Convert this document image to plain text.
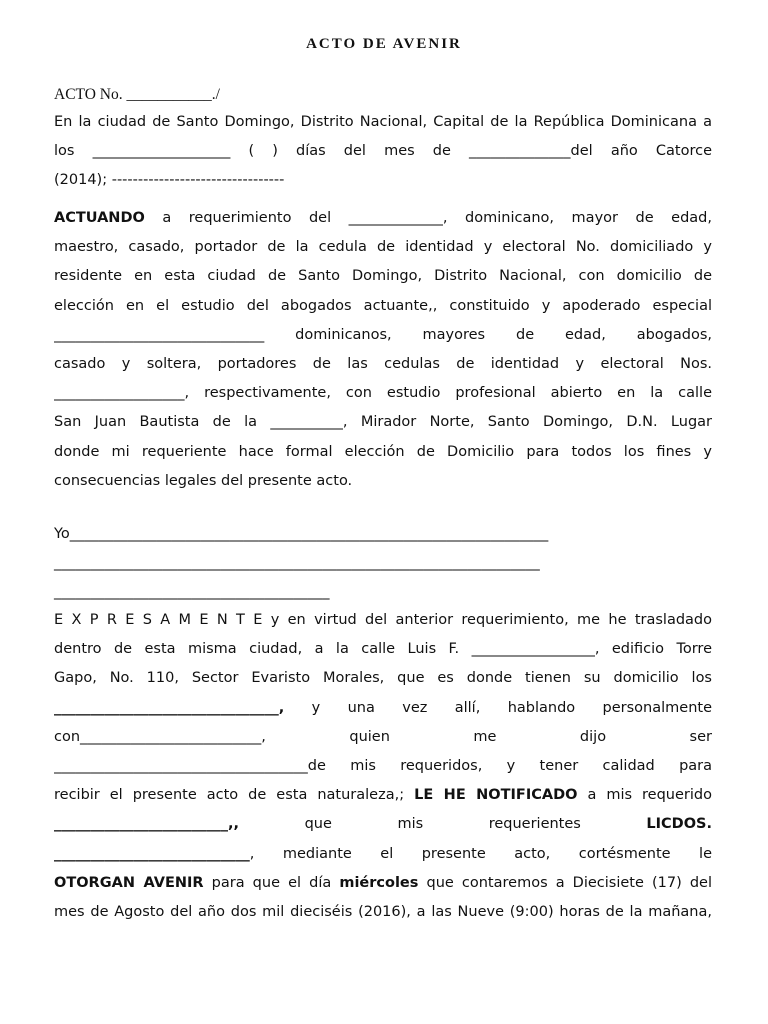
ACTO DE AVENIR
ACTO No. ___________./
En la ciudad de Santo Domingo, Distrito Nacional, Capital de la República Dominicana a
los ___________________ ( ) días del mes de ______________del año Catorce
(2014); ---------------------------------
ACTUANDO a requerimiento del _____________, dominicano, mayor de edad,
maestro, casado, portador de la cedula de identidad y electoral No. domiciliado y
residente en esta ciudad de Santo Domingo, Distrito Nacional, con domicilio de
elección en el estudio del abogados actuante,, constituido y apoderado especial
_____________________________ dominicanos, mayores de edad, abogados,
casado y soltera, portadores de las cedulas de identidad y electoral Nos.
__________________, respectivamente, con estudio profesional abierto en la calle
San Juan Bautista de la __________, Mirador Norte, Santo Domingo, D.N. Lugar
donde mi requeriente hace formal elección de Domicilio para todos los fines y
consecuencias legales del presente acto.
Yo__________________________________________________________________
___________________________________________________________________
______________________________________
E X P R E S A M E N T E y en virtud del anterior requerimiento, me he trasladado
dentro de esta misma ciudad, a la calle Luis F. _________________, edificio Torre
Gapo, No. 110, Sector Evaristo Morales, que es donde tienen su domicilio los
_______________________________, y una vez allí, hablando personalmente
con_________________________, quien me dijo ser
___________________________________de mis requeridos, y tener calidad para
recibir el presente acto de esta naturaleza,; LE HE NOTIFICADO a mis requerido
________________________,, que mis requerientes LICDOS.
___________________________, mediante el presente acto, cortésmente le
OTORGAN AVENIR para que el día miércoles que contaremos a Diecisiete (17) del
mes de Agosto del año dos mil dieciséis (2016), a las Nueve (9:00) horas de la mañana,
